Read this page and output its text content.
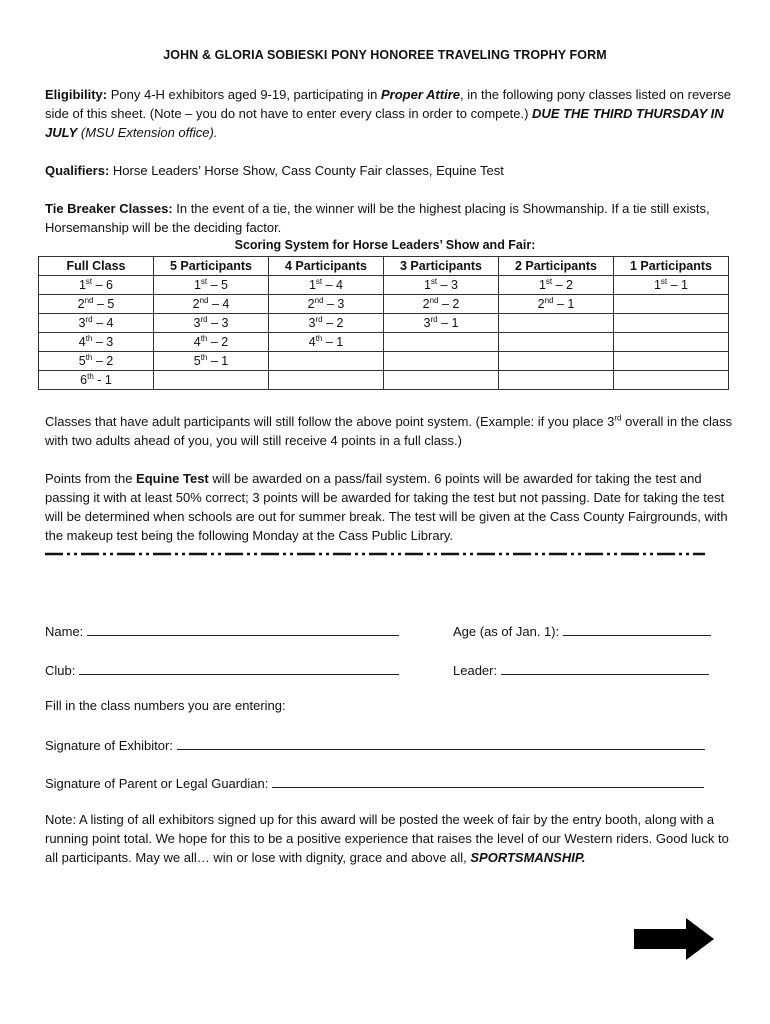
JOHN & GLORIA SOBIESKI PONY HONOREE TRAVELING TROPHY FORM
Eligibility: Pony 4-H exhibitors aged 9-19, participating in Proper Attire, in the following pony classes listed on reverse side of this sheet. (Note – you do not have to enter every class in order to compete.) DUE THE THIRD THURSDAY IN JULY (MSU Extension office).
Qualifiers: Horse Leaders’ Horse Show, Cass County Fair classes, Equine Test
Tie Breaker Classes: In the event of a tie, the winner will be the highest placing is Showmanship. If a tie still exists, Horsemanship will be the deciding factor.
Scoring System for Horse Leaders’ Show and Fair:
Full Class	5 Participants	4 Participants	3 Participants	2 Participants	1 Participants
1st – 6	1st – 5	1st – 4	1st – 3	1st – 2	1st – 1
2nd – 5	2nd – 4	2nd – 3	2nd – 2	2nd – 1	
3rd – 4	3rd – 3	3rd – 2	3rd – 1		
4th – 3	4th – 2	4th – 1			
5th – 2	5th – 1				
6th - 1					
Classes that have adult participants will still follow the above point system. (Example: if you place 3rd overall in the class with two adults ahead of you, you will still receive 4 points in a full class.)
Points from the Equine Test will be awarded on a pass/fail system. 6 points will be awarded for taking the test and passing it with at least 50% correct; 3 points will be awarded for taking the test but not passing. Date for taking the test will be determined when schools are out for summer break. The test will be given at the Cass County Fairgrounds, with the makeup test being the following Monday at the Cass Public Library.
Name:	Age (as of Jan. 1):
Club:	Leader:
Fill in the class numbers you are entering:
Signature of Exhibitor:
Signature of Parent or Legal Guardian:
Note: A listing of all exhibitors signed up for this award will be posted the week of fair by the entry booth, along with a running point total. We hope for this to be a positive experience that raises the level of our Western riders. Good luck to all participants. May we all… win or lose with dignity, grace and above all, SPORTSMANSHIP.
